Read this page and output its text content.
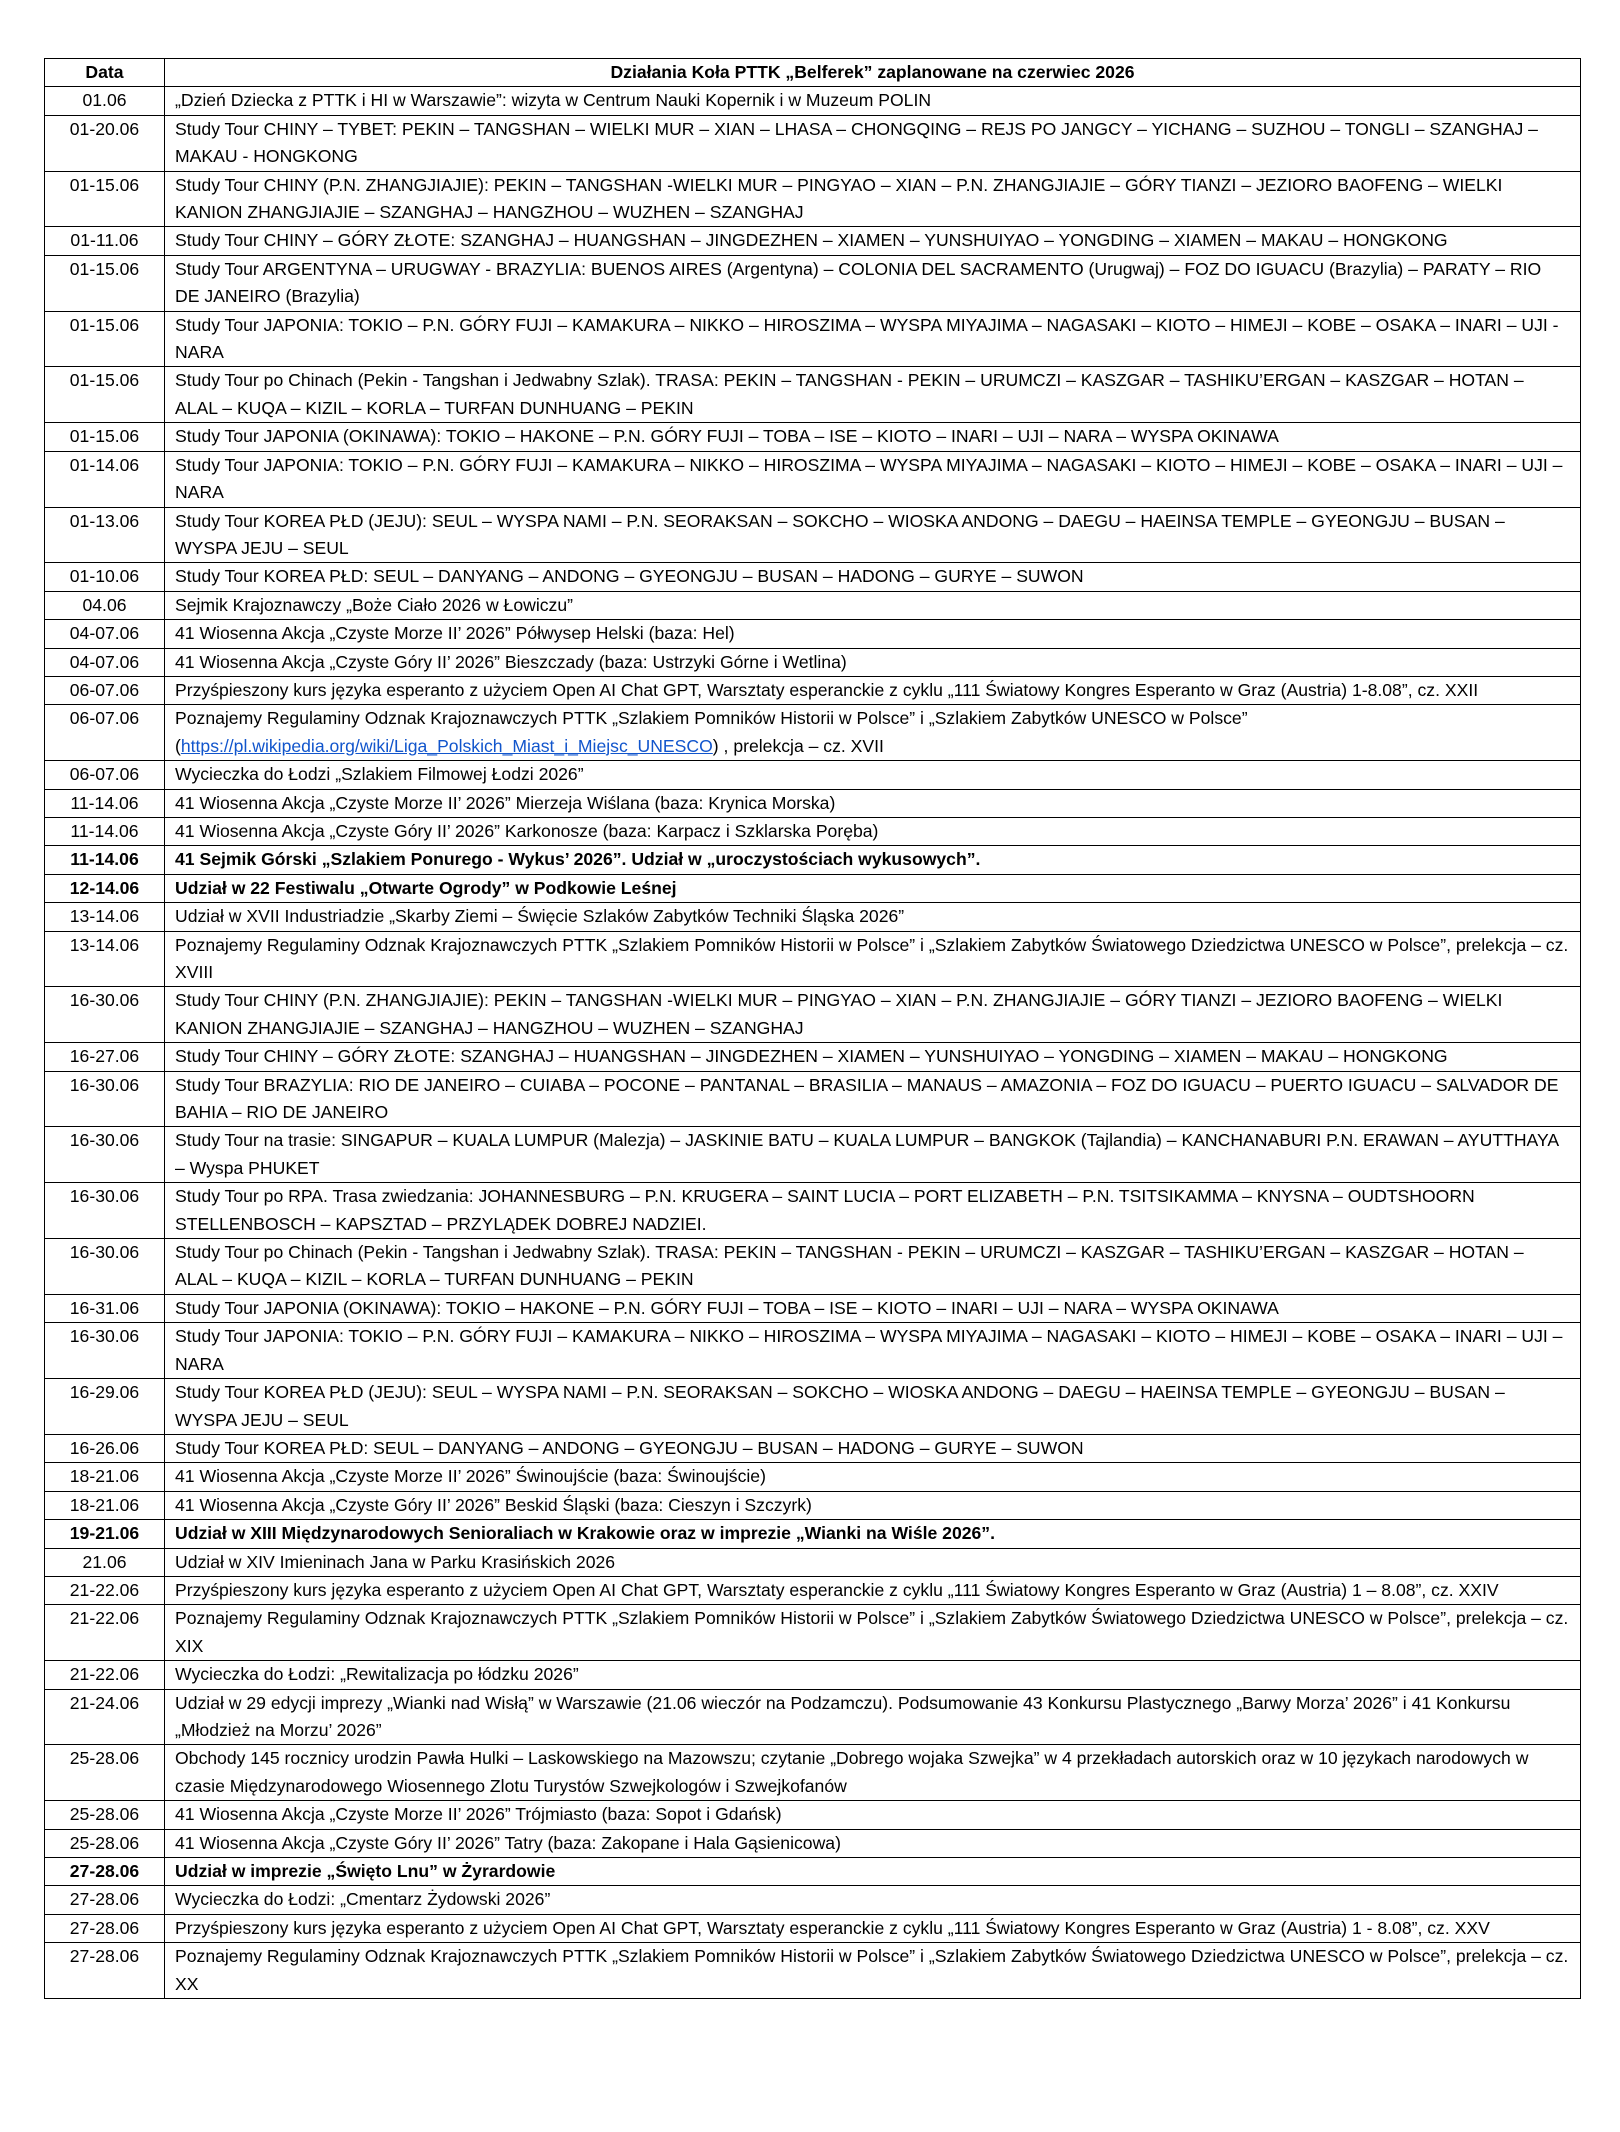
Data	Działania Koła PTTK „Belferek” zaplanowane na czerwiec 2026
01.06	„Dzień Dziecka z PTTK i HI w Warszawie”: wizyta w Centrum Nauki Kopernik i w Muzeum POLIN
01-20.06	Study Tour CHINY – TYBET: PEKIN – TANGSHAN – WIELKI MUR – XIAN – LHASA – CHONGQING – REJS PO JANGCY – YICHANG – SUZHOU – TONGLI – SZANGHAJ – MAKAU - HONGKONG
01-15.06	Study Tour CHINY (P.N. ZHANGJIAJIE): PEKIN – TANGSHAN -WIELKI MUR – PINGYAO – XIAN – P.N. ZHANGJIAJIE – GÓRY TIANZI – JEZIORO BAOFENG – WIELKI KANION ZHANGJIAJIE – SZANGHAJ – HANGZHOU – WUZHEN – SZANGHAJ
01-11.06	Study Tour CHINY – GÓRY ZŁOTE: SZANGHAJ – HUANGSHAN – JINGDEZHEN – XIAMEN – YUNSHUIYAO – YONGDING – XIAMEN – MAKAU – HONGKONG
01-15.06	Study Tour ARGENTYNA – URUGWAY - BRAZYLIA: BUENOS AIRES (Argentyna) – COLONIA DEL SACRAMENTO (Urugwaj) – FOZ DO IGUACU (Brazylia) – PARATY – RIO DE JANEIRO (Brazylia)
01-15.06	Study Tour JAPONIA: TOKIO – P.N. GÓRY FUJI – KAMAKURA – NIKKO – HIROSZIMA – WYSPA MIYAJIMA – NAGASAKI – KIOTO – HIMEJI – KOBE – OSAKA – INARI – UJI - NARA
01-15.06	Study Tour po Chinach (Pekin - Tangshan i Jedwabny Szlak). TRASA: PEKIN – TANGSHAN - PEKIN – URUMCZI – KASZGAR – TASHIKU’ERGAN – KASZGAR – HOTAN – ALAL – KUQA – KIZIL – KORLA – TURFAN DUNHUANG – PEKIN
01-15.06	Study Tour JAPONIA (OKINAWA): TOKIO – HAKONE – P.N. GÓRY FUJI – TOBA – ISE – KIOTO – INARI – UJI – NARA – WYSPA OKINAWA
01-14.06	Study Tour JAPONIA: TOKIO – P.N. GÓRY FUJI – KAMAKURA – NIKKO – HIROSZIMA – WYSPA MIYAJIMA – NAGASAKI – KIOTO – HIMEJI – KOBE – OSAKA – INARI – UJI – NARA
01-13.06	Study Tour KOREA PŁD (JEJU): SEUL – WYSPA NAMI – P.N. SEORAKSAN – SOKCHO – WIOSKA ANDONG – DAEGU – HAEINSA TEMPLE – GYEONGJU – BUSAN – WYSPA JEJU – SEUL
01-10.06	Study Tour KOREA PŁD: SEUL – DANYANG – ANDONG – GYEONGJU – BUSAN – HADONG – GURYE – SUWON
04.06	Sejmik Krajoznawczy „Boże Ciało 2026 w Łowiczu”
04-07.06	41 Wiosenna Akcja „Czyste Morze II’ 2026” Półwysep Helski (baza: Hel)
04-07.06	41 Wiosenna Akcja „Czyste Góry II’ 2026” Bieszczady (baza: Ustrzyki Górne i Wetlina)
06-07.06	Przyśpieszony kurs języka esperanto z użyciem Open AI Chat GPT, Warsztaty esperanckie z cyklu „111 Światowy Kongres Esperanto w Graz (Austria) 1-8.08”, cz. XXII
06-07.06	Poznajemy Regulaminy Odznak Krajoznawczych PTTK „Szlakiem Pomników Historii w Polsce” i „Szlakiem Zabytków UNESCO w Polsce” (https://pl.wikipedia.org/wiki/Liga_Polskich_Miast_i_Miejsc_UNESCO) , prelekcja – cz. XVII
06-07.06	Wycieczka do Łodzi „Szlakiem Filmowej Łodzi 2026”
11-14.06	41 Wiosenna Akcja „Czyste Morze II’ 2026” Mierzeja Wiślana (baza: Krynica Morska)
11-14.06	41 Wiosenna Akcja „Czyste Góry II’ 2026” Karkonosze (baza: Karpacz i Szklarska Poręba)
11-14.06	41 Sejmik Górski „Szlakiem Ponurego - Wykus’ 2026”. Udział w „uroczystościach wykusowych”.
12-14.06	Udział w 22 Festiwalu „Otwarte Ogrody” w Podkowie Leśnej
13-14.06	Udział w XVII Industriadzie „Skarby Ziemi – Święcie Szlaków Zabytków Techniki Śląska 2026”
13-14.06	Poznajemy Regulaminy Odznak Krajoznawczych PTTK „Szlakiem Pomników Historii w Polsce” i „Szlakiem Zabytków Światowego Dziedzictwa UNESCO w Polsce”, prelekcja – cz. XVIII
16-30.06	Study Tour CHINY (P.N. ZHANGJIAJIE): PEKIN – TANGSHAN -WIELKI MUR – PINGYAO – XIAN – P.N. ZHANGJIAJIE – GÓRY TIANZI – JEZIORO BAOFENG – WIELKI KANION ZHANGJIAJIE – SZANGHAJ – HANGZHOU – WUZHEN – SZANGHAJ
16-27.06	Study Tour CHINY – GÓRY ZŁOTE: SZANGHAJ – HUANGSHAN – JINGDEZHEN – XIAMEN – YUNSHUIYAO – YONGDING – XIAMEN – MAKAU – HONGKONG
16-30.06	Study Tour BRAZYLIA: RIO DE JANEIRO – CUIABA – POCONE – PANTANAL – BRASILIA – MANAUS – AMAZONIA – FOZ DO IGUACU – PUERTO IGUACU – SALVADOR DE BAHIA – RIO DE JANEIRO
16-30.06	Study Tour na trasie: SINGAPUR – KUALA LUMPUR (Malezja) – JASKINIE BATU – KUALA LUMPUR – BANGKOK (Tajlandia) – KANCHANABURI P.N. ERAWAN – AYUTTHAYA – Wyspa PHUKET
16-30.06	Study Tour po RPA. Trasa zwiedzania: JOHANNESBURG – P.N. KRUGERA – SAINT LUCIA – PORT ELIZABETH – P.N. TSITSIKAMMA – KNYSNA – OUDTSHOORN STELLENBOSCH – KAPSZTAD – PRZYLĄDEK DOBREJ NADZIEI.
16-30.06	Study Tour po Chinach (Pekin - Tangshan i Jedwabny Szlak). TRASA: PEKIN – TANGSHAN - PEKIN – URUMCZI – KASZGAR – TASHIKU’ERGAN – KASZGAR – HOTAN – ALAL – KUQA – KIZIL – KORLA – TURFAN DUNHUANG – PEKIN
16-31.06	Study Tour JAPONIA (OKINAWA): TOKIO – HAKONE – P.N. GÓRY FUJI – TOBA – ISE – KIOTO – INARI – UJI – NARA – WYSPA OKINAWA
16-30.06	Study Tour JAPONIA: TOKIO – P.N. GÓRY FUJI – KAMAKURA – NIKKO – HIROSZIMA – WYSPA MIYAJIMA – NAGASAKI – KIOTO – HIMEJI – KOBE – OSAKA – INARI – UJI – NARA
16-29.06	Study Tour KOREA PŁD (JEJU): SEUL – WYSPA NAMI – P.N. SEORAKSAN – SOKCHO – WIOSKA ANDONG – DAEGU – HAEINSA TEMPLE – GYEONGJU – BUSAN – WYSPA JEJU – SEUL
16-26.06	Study Tour KOREA PŁD: SEUL – DANYANG – ANDONG – GYEONGJU – BUSAN – HADONG – GURYE – SUWON
18-21.06	41 Wiosenna Akcja „Czyste Morze II’ 2026” Świnoujście (baza: Świnoujście)
18-21.06	41 Wiosenna Akcja „Czyste Góry II’ 2026” Beskid Śląski (baza: Cieszyn i Szczyrk)
19-21.06	Udział w XIII Międzynarodowych Senioraliach w Krakowie oraz w imprezie „Wianki na Wiśle 2026”.
21.06	Udział w XIV Imieninach Jana w Parku Krasińskich 2026
21-22.06	Przyśpieszony kurs języka esperanto z użyciem Open AI Chat GPT, Warsztaty esperanckie z cyklu „111 Światowy Kongres Esperanto w Graz (Austria) 1 – 8.08”, cz. XXIV
21-22.06	Poznajemy Regulaminy Odznak Krajoznawczych PTTK „Szlakiem Pomników Historii w Polsce” i „Szlakiem Zabytków Światowego Dziedzictwa UNESCO w Polsce”, prelekcja – cz. XIX
21-22.06	Wycieczka do Łodzi: „Rewitalizacja po łódzku 2026”
21-24.06	Udział w 29 edycji imprezy „Wianki nad Wisłą” w Warszawie (21.06 wieczór na Podzamczu). Podsumowanie 43 Konkursu Plastycznego „Barwy Morza’ 2026” i 41 Konkursu „Młodzież na Morzu’ 2026”
25-28.06	Obchody 145 rocznicy urodzin Pawła Hulki – Laskowskiego na Mazowszu; czytanie „Dobrego wojaka Szwejka” w 4 przekładach autorskich oraz w 10 językach narodowych w czasie Międzynarodowego Wiosennego Zlotu Turystów Szwejkologów i Szwejkofanów
25-28.06	41 Wiosenna Akcja „Czyste Morze II’ 2026” Trójmiasto (baza: Sopot i Gdańsk)
25-28.06	41 Wiosenna Akcja „Czyste Góry II’ 2026” Tatry (baza: Zakopane i Hala Gąsienicowa)
27-28.06	Udział w imprezie „Święto Lnu” w Żyrardowie
27-28.06	Wycieczka do Łodzi: „Cmentarz Żydowski 2026”
27-28.06	Przyśpieszony kurs języka esperanto z użyciem Open AI Chat GPT, Warsztaty esperanckie z cyklu „111 Światowy Kongres Esperanto w Graz (Austria) 1 - 8.08”, cz. XXV
27-28.06	Poznajemy Regulaminy Odznak Krajoznawczych PTTK „Szlakiem Pomników Historii w Polsce” i „Szlakiem Zabytków Światowego Dziedzictwa UNESCO w Polsce”, prelekcja – cz. XX
